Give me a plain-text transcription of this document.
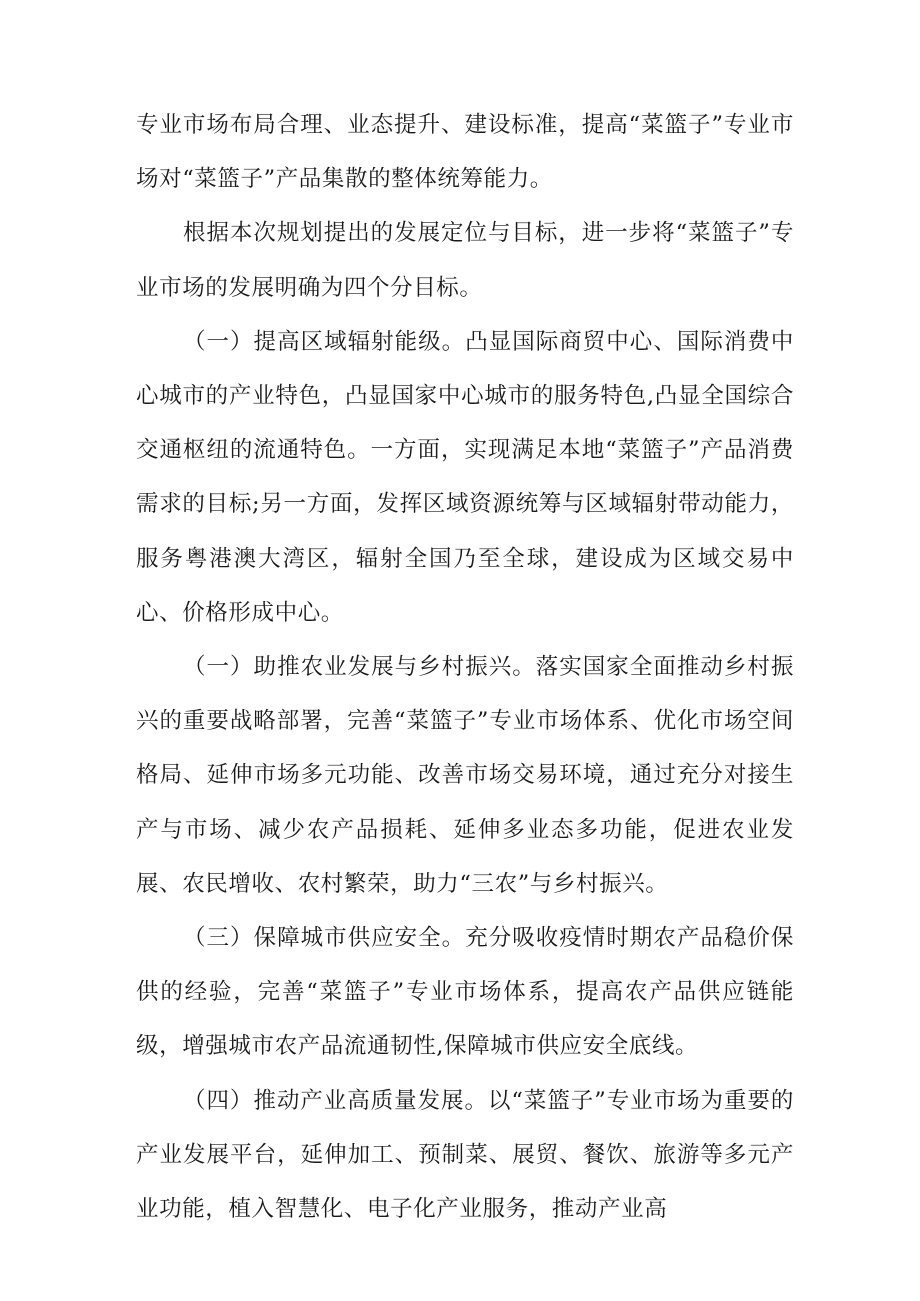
专业市场布局合理、业态提升、建设标准，提高“菜篮子”专业市场对“菜篮子”产品集散的整体统筹能力。

根据本次规划提出的发展定位与目标，进一步将“菜篮子”专业市场的发展明确为四个分目标。

（一）提高区域辐射能级。凸显国际商贸中心、国际消费中心城市的产业特色，凸显国家中心城市的服务特色,凸显全国综合交通枢纽的流通特色。一方面，实现满足本地“菜篮子”产品消费需求的目标;另一方面，发挥区域资源统筹与区域辐射带动能力，服务粤港澳大湾区，辐射全国乃至全球，建设成为区域交易中心、价格形成中心。

（一）助推农业发展与乡村振兴。落实国家全面推动乡村振兴的重要战略部署，完善“菜篮子”专业市场体系、优化市场空间格局、延伸市场多元功能、改善市场交易环境，通过充分对接生产与市场、减少农产品损耗、延伸多业态多功能，促进农业发展、农民增收、农村繁荣，助力“三农”与乡村振兴。

（三）保障城市供应安全。充分吸收疫情时期农产品稳价保供的经验，完善“菜篮子”专业市场体系，提高农产品供应链能级，增强城市农产品流通韧性,保障城市供应安全底线。

（四）推动产业高质量发展。以“菜篮子”专业市场为重要的产业发展平台，延伸加工、预制菜、展贸、餐饮、旅游等多元产业功能，植入智慧化、电子化产业服务，推动产业高
